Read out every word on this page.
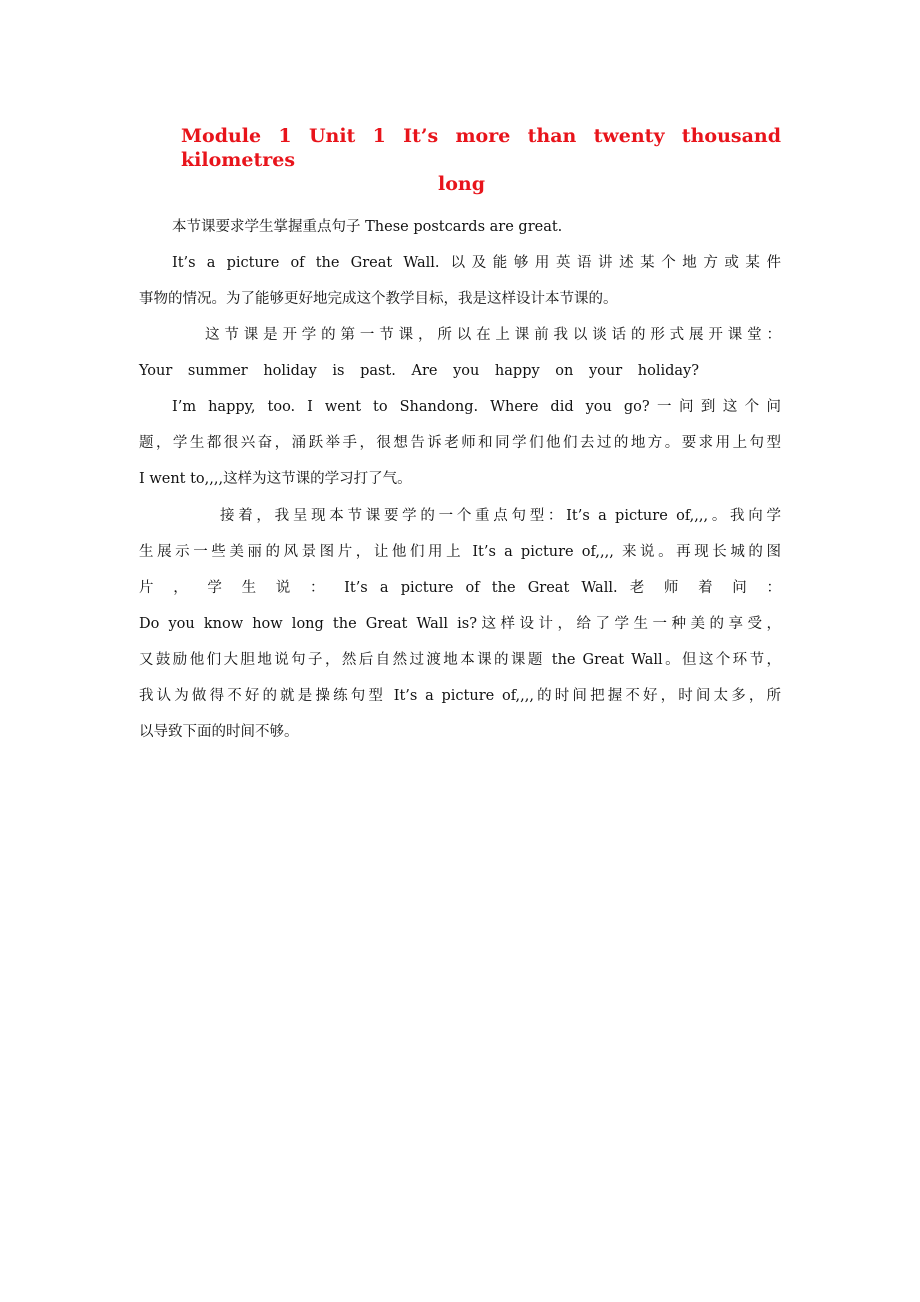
Module 1 Unit 1 It’s more than twenty thousand kilometres
long
本节课要求学生掌握重点句子 These postcards are great.
It’s a picture of the Great Wall. 以及能够用英语讲述某个地方或某件
事物的情况。为了能够更好地完成这个教学目标，我是这样设计本节课的。
这节课是开学的第一节课，所以在上课前我以谈话的形式展开课堂：
Your summer holiday is past. Are you happy on your holiday?
I’m happy, too. I went to Shandong. Where did you go?一问到这个问
题，学生都很兴奋，涌跃举手，很想告诉老师和同学们他们去过的地方。要求用上句型
I went to,,,,这样为这节课的学习打了气。
接着，我呈现本节课要学的一个重点句型：It’s a picture of,,,,。我向学
生展示一些美丽的风景图片，让他们用上 It’s a picture of,,,, 来说。再现长城的图
片 ， 学 生 说 ： It’s a picture of the Great Wall. 老 师 着 问 ：
Do you know how long the Great Wall is?这样设计，给了学生一种美的享受，
又鼓励他们大胆地说句子，然后自然过渡地本课的课题 the Great Wall。但这个环节，
我认为做得不好的就是操练句型 It’s a picture of,,,,的时间把握不好，时间太多，所
以导致下面的时间不够。
